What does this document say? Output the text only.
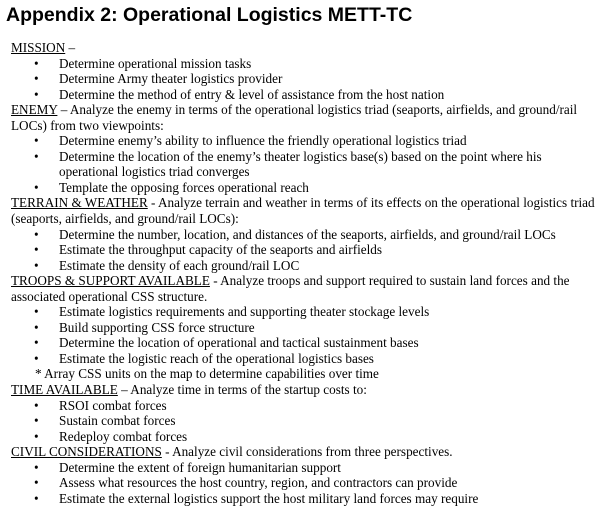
Appendix 2: Operational Logistics METT-TC

MISSION –

• Determine operational mission tasks
• Determine Army theater logistics provider
• Determine the method of entry & level of assistance from the host nation

ENEMY – Analyze the enemy in terms of the operational logistics triad (seaports, airfields, and ground/rail LOCs) from two viewpoints:

• Determine enemy’s ability to influence the friendly operational logistics triad
• Determine the location of the enemy’s theater logistics base(s) based on the point where his operational logistics triad converges
• Template the opposing forces operational reach

TERRAIN & WEATHER - Analyze terrain and weather in terms of its effects on the operational logistics triad (seaports, airfields, and ground/rail LOCs):

• Determine the number, location, and distances of the seaports, airfields, and ground/rail LOCs
• Estimate the throughput capacity of the seaports and airfields
• Estimate the density of each ground/rail LOC

TROOPS & SUPPORT AVAILABLE - Analyze troops and support required to sustain land forces and the associated operational CSS structure.

• Estimate logistics requirements and supporting theater stockage levels
• Build supporting CSS force structure
• Determine the location of operational and tactical sustainment bases
• Estimate the logistic reach of the operational logistics bases

* Array CSS units on the map to determine capabilities over time

TIME AVAILABLE – Analyze time in terms of the startup costs to:

• RSOI combat forces
• Sustain combat forces
• Redeploy combat forces

CIVIL CONSIDERATIONS - Analyze civil considerations from three perspectives.

• Determine the extent of foreign humanitarian support
• Assess what resources the host country, region, and contractors can provide
• Estimate the external logistics support the host military land forces may require
